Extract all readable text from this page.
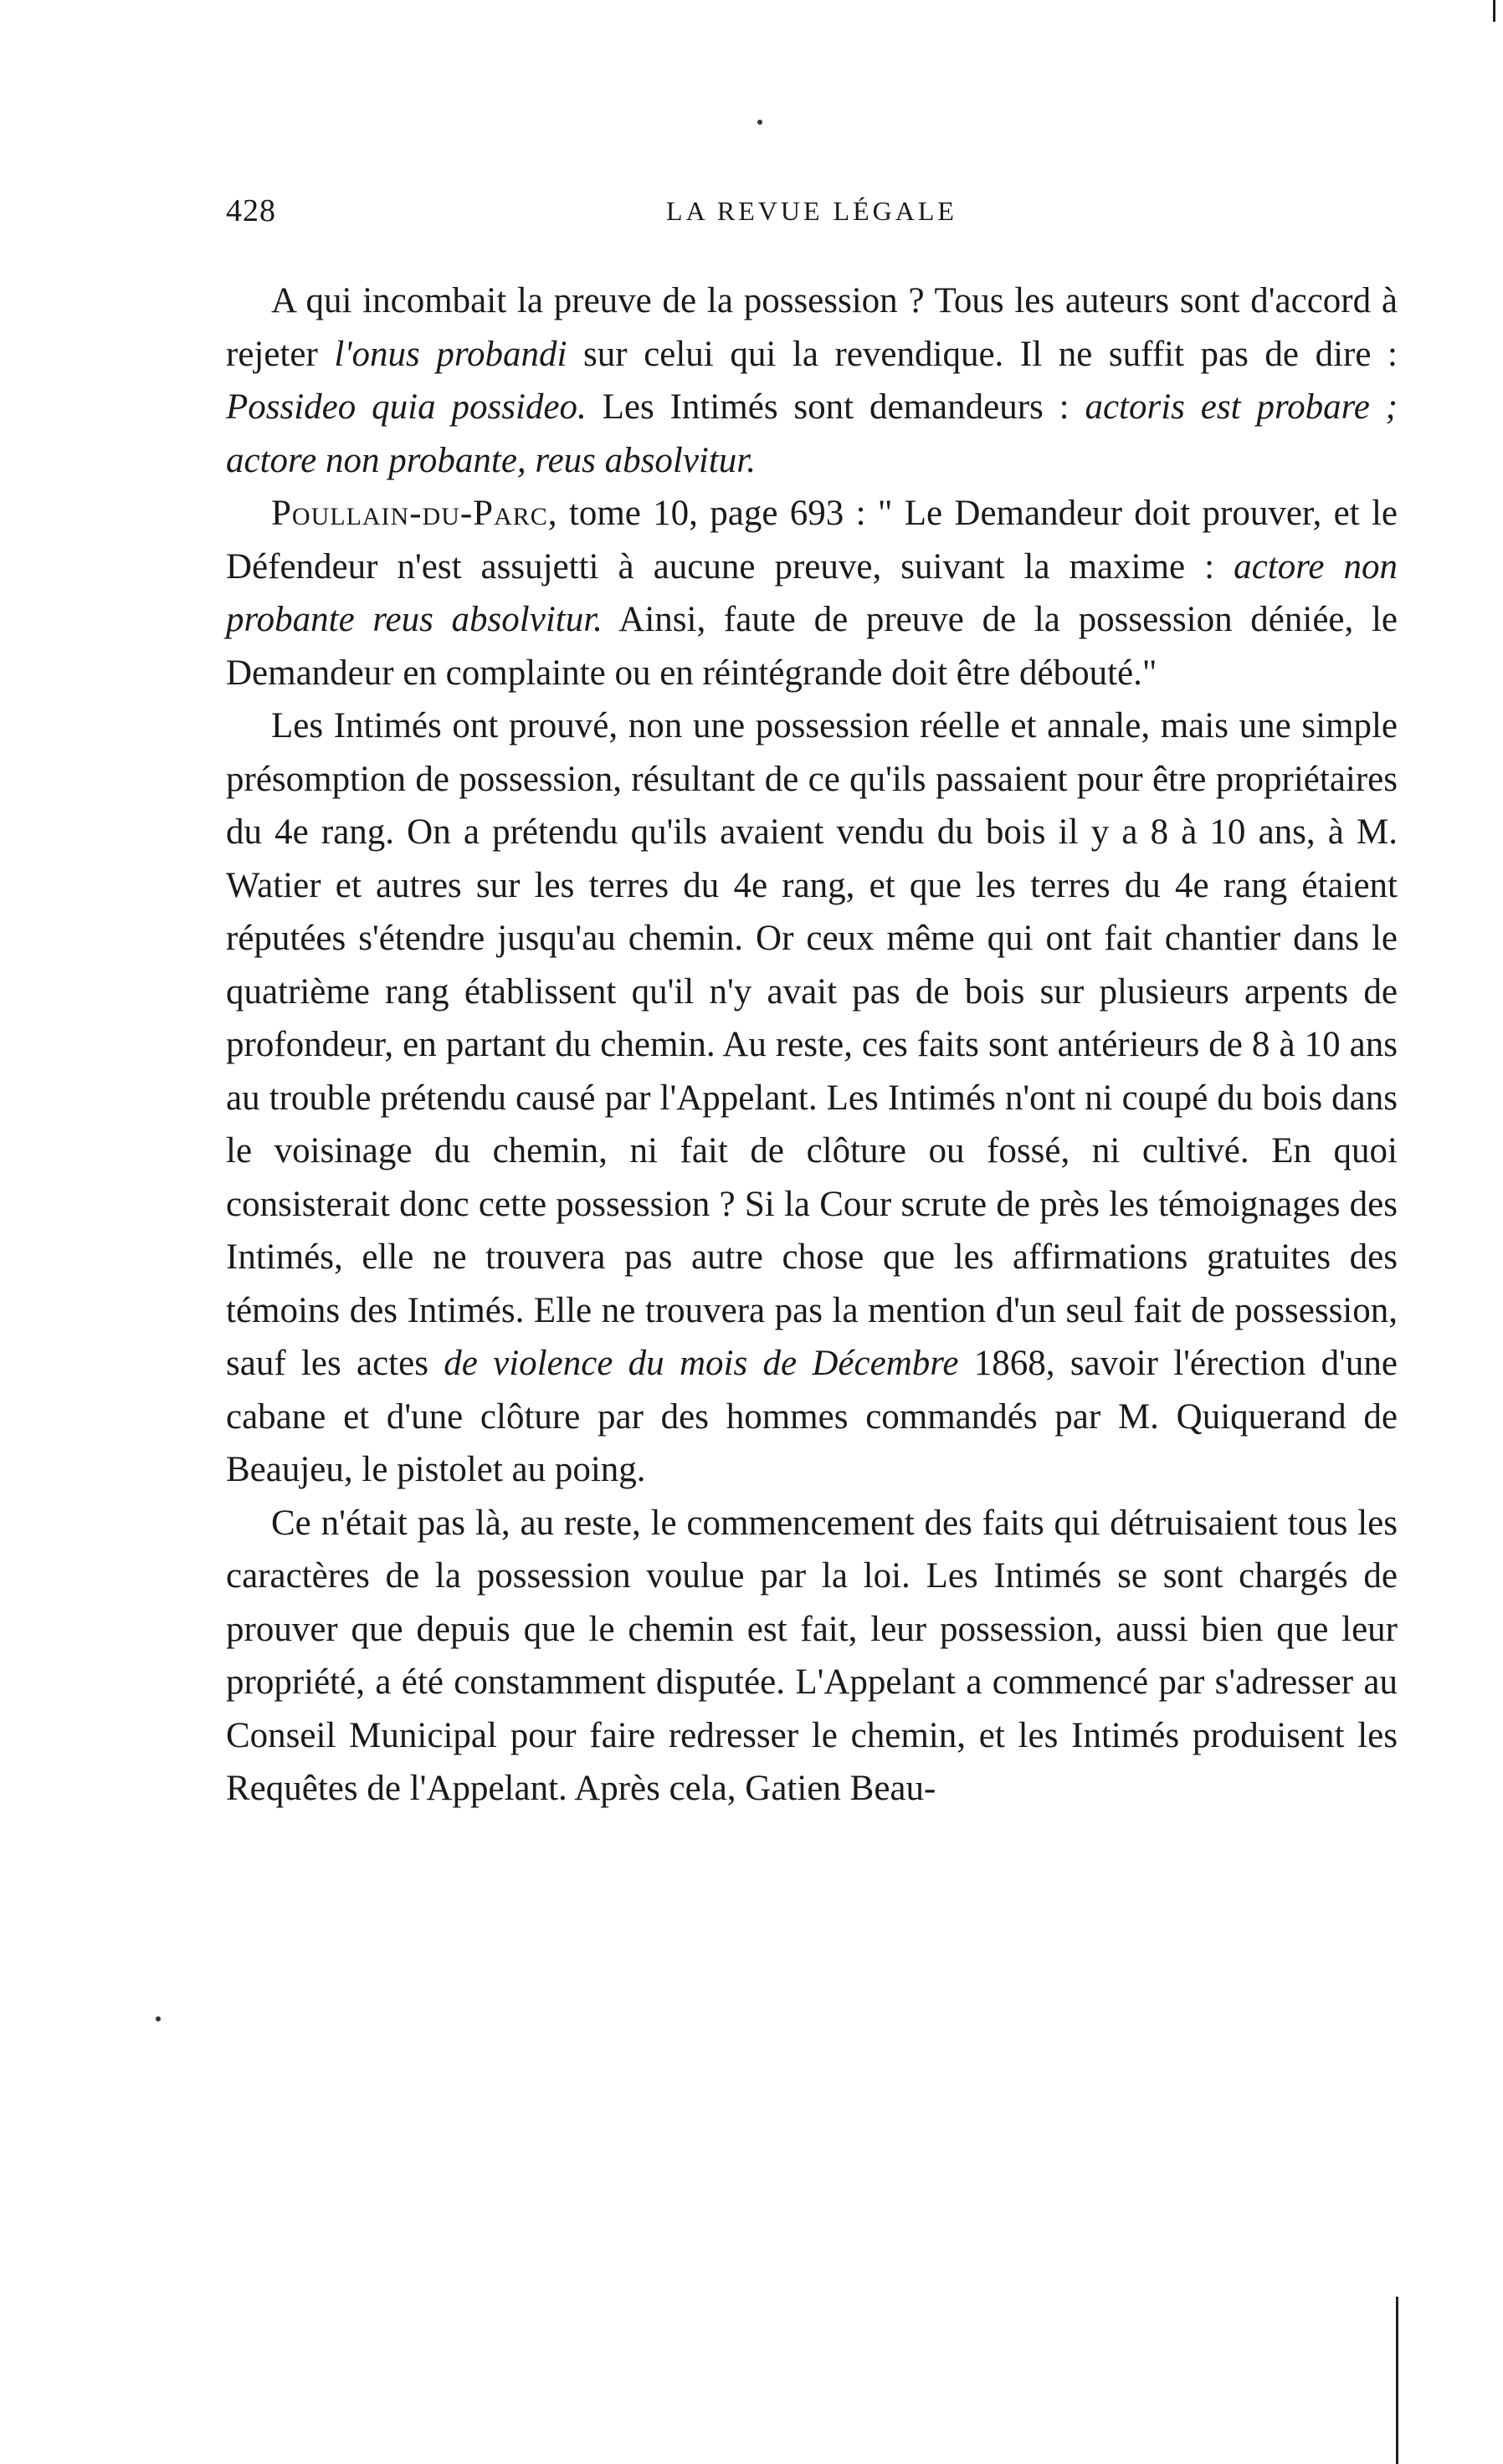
428	LA REVUE LÉGALE

A qui incombait la preuve de la possession ? Tous les auteurs sont d'accord à rejeter l'onus probandi sur celui qui la revendique. Il ne suffit pas de dire : Possideo quia possideo. Les Intimés sont demandeurs : actoris est probare ; actore non probante, reus absolvitur.

Poullain-du-Parc, tome 10, page 693 : " Le Demandeur doit prouver, et le Défendeur n'est assujetti à aucune preuve, suivant la maxime : actore non probante reus absolvitur. Ainsi, faute de preuve de la possession déniée, le Demandeur en complainte ou en réintégrande doit être débouté."

Les Intimés ont prouvé, non une possession réelle et annale, mais une simple présomption de possession, résultant de ce qu'ils passaient pour être propriétaires du 4e rang. On a prétendu qu'ils avaient vendu du bois il y a 8 à 10 ans, à M. Watier et autres sur les terres du 4e rang, et que les terres du 4e rang étaient réputées s'étendre jusqu'au chemin. Or ceux même qui ont fait chantier dans le quatrième rang établissent qu'il n'y avait pas de bois sur plusieurs arpents de profondeur, en partant du chemin. Au reste, ces faits sont antérieurs de 8 à 10 ans au trouble prétendu causé par l'Appelant. Les Intimés n'ont ni coupé du bois dans le voisinage du chemin, ni fait de clôture ou fossé, ni cultivé. En quoi consisterait donc cette possession ? Si la Cour scrute de près les témoignages des Intimés, elle ne trouvera pas autre chose que les affirmations gratuites des témoins des Intimés. Elle ne trouvera pas la mention d'un seul fait de possession, sauf les actes de violence du mois de Décembre 1868, savoir l'érection d'une cabane et d'une clôture par des hommes commandés par M. Quiquerand de Beaujeu, le pistolet au poing.

Ce n'était pas là, au reste, le commencement des faits qui détruisaient tous les caractères de la possession voulue par la loi. Les Intimés se sont chargés de prouver que depuis que le chemin est fait, leur possession, aussi bien que leur propriété, a été constamment disputée. L'Appelant a commencé par s'adresser au Conseil Municipal pour faire redresser le chemin, et les Intimés produisent les Requêtes de l'Appelant. Après cela, Gatien Beau-
